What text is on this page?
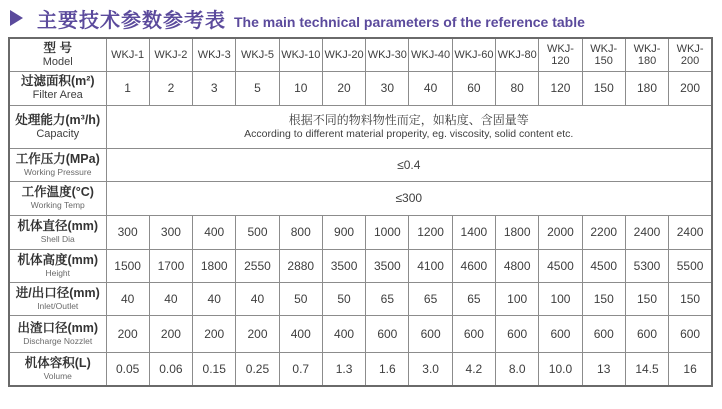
主要技术参数参考表 The main technical parameters of the reference table
型 号
Model	WKJ-1	WKJ-2	WKJ-3	WKJ-5	WKJ-10	WKJ-20	WKJ-30	WKJ-40	WKJ-60	WKJ-80	WKJ-120	WKJ-150	WKJ-180	WKJ-200

过滤面积(m²)
Filter Area	1	2	3	5	10	20	30	40	60	80	120	150	180	200

处理能力(m³/h)
Capacity

根据不同的物料物性而定，如粘度、含固量等
According to different material properity, eg. viscosity, solid content etc.

工作压力(MPa)
Working Pressure	≤0.4													

工作温度(°C)
Working Temp	≤300													

机体直径(mm)
Shell Dia	300	300	400	500	800	900	1000	1200	1400	1800	2000	2200	2400	2400

机体高度(mm)
Height	1500	1700	1800	2550	2880	3500	3500	4100	4600	4800	4500	4500	5300	5500

进/出口径(mm)
Inlet/Outlet	40	40	40	40	50	50	65	65	65	100	100	150	150	150

出渣口径(mm)
Discharge Nozzlet	200	200	200	200	400	400	600	600	600	600	600	600	600	600

机体容积(L)
Volume	0.05	0.06	0.15	0.25	0.7	1.3	1.6	3.0	4.2	8.0	10.0	13	14.5	16
